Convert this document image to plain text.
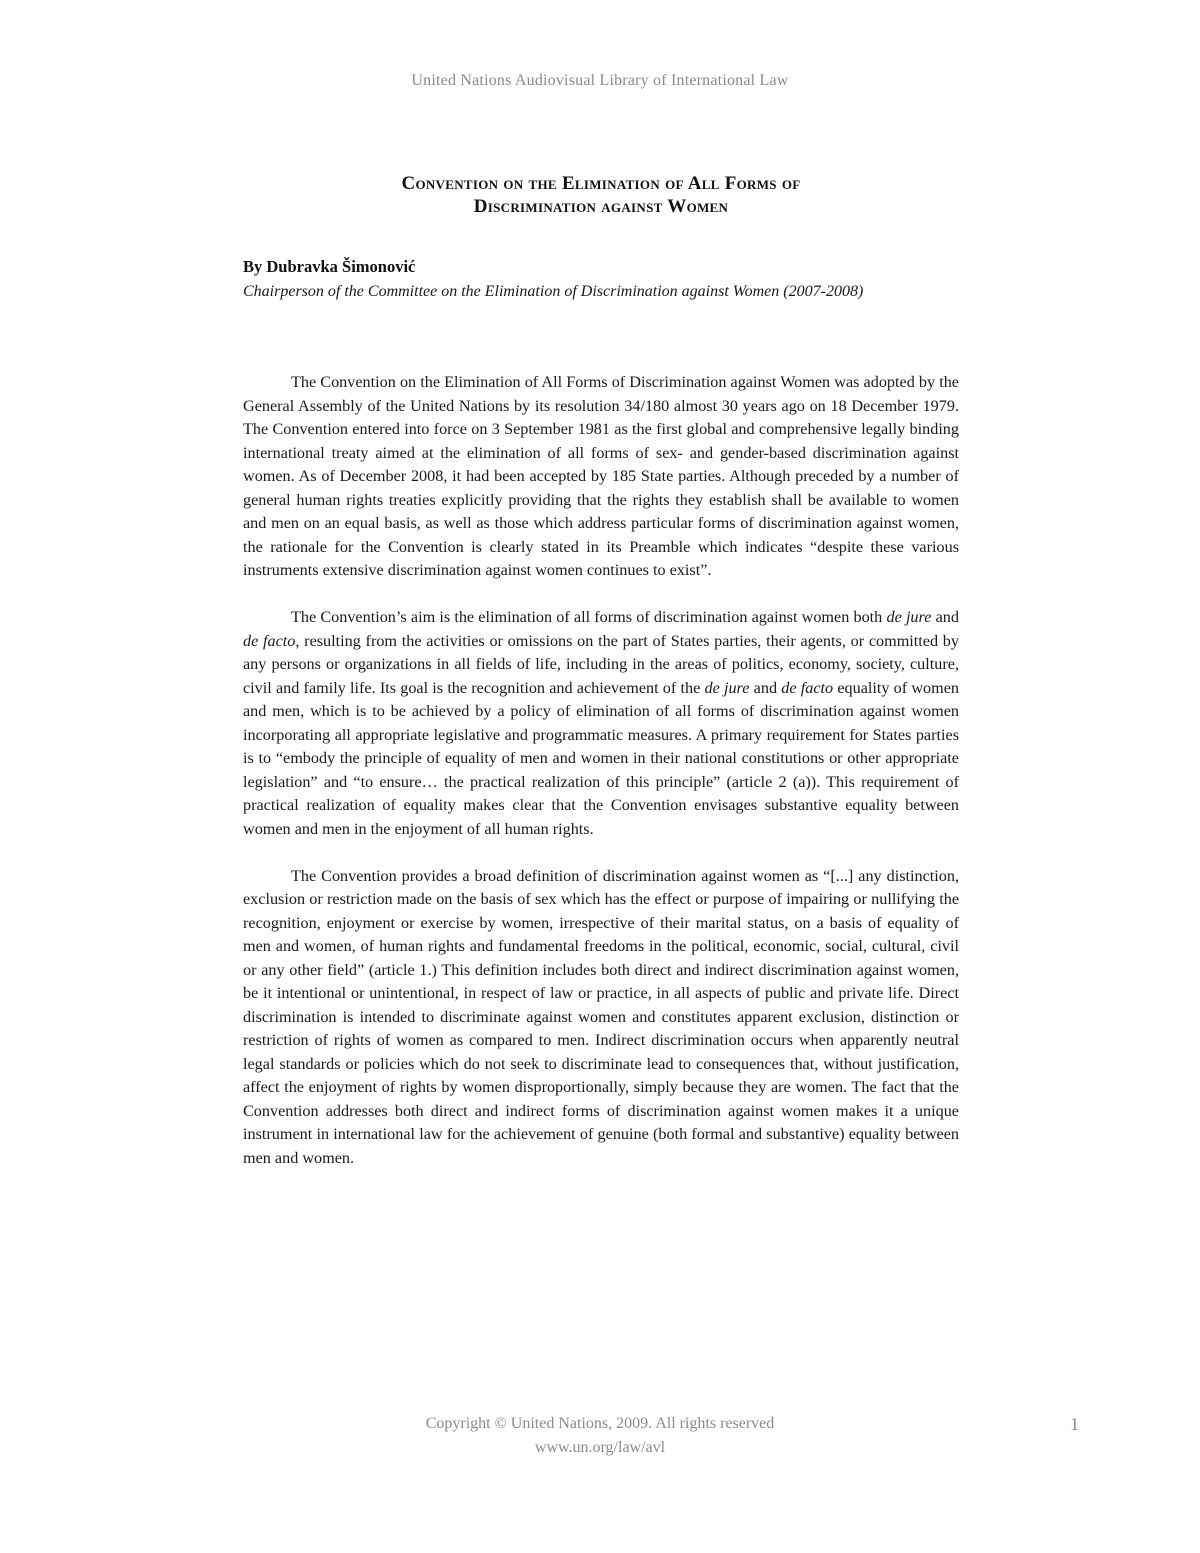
United Nations Audiovisual Library of International Law
Convention on the Elimination of All Forms of
Discrimination against Women
By Dubravka Šimonović
Chairperson of the Committee on the Elimination of Discrimination against Women (2007-2008)

The Convention on the Elimination of All Forms of Discrimination against Women was adopted by the General Assembly of the United Nations by its resolution 34/180 almost 30 years ago on 18 December 1979. The Convention entered into force on 3 September 1981 as the first global and comprehensive legally binding international treaty aimed at the elimination of all forms of sex- and gender-based discrimination against women. As of December 2008, it had been accepted by 185 State parties. Although preceded by a number of general human rights treaties explicitly providing that the rights they establish shall be available to women and men on an equal basis, as well as those which address particular forms of discrimination against women, the rationale for the Convention is clearly stated in its Preamble which indicates “despite these various instruments extensive discrimination against women continues to exist”.

The Convention’s aim is the elimination of all forms of discrimination against women both de jure and de facto, resulting from the activities or omissions on the part of States parties, their agents, or committed by any persons or organizations in all fields of life, including in the areas of politics, economy, society, culture, civil and family life. Its goal is the recognition and achievement of the de jure and de facto equality of women and men, which is to be achieved by a policy of elimination of all forms of discrimination against women incorporating all appropriate legislative and programmatic measures. A primary requirement for States parties is to “embody the principle of equality of men and women in their national constitutions or other appropriate legislation” and “to ensure… the practical realization of this principle” (article 2 (a)). This requirement of practical realization of equality makes clear that the Convention envisages substantive equality between women and men in the enjoyment of all human rights.

The Convention provides a broad definition of discrimination against women as “[...] any distinction, exclusion or restriction made on the basis of sex which has the effect or purpose of impairing or nullifying the recognition, enjoyment or exercise by women, irrespective of their marital status, on a basis of equality of men and women, of human rights and fundamental freedoms in the political, economic, social, cultural, civil or any other field” (article 1.) This definition includes both direct and indirect discrimination against women, be it intentional or unintentional, in respect of law or practice, in all aspects of public and private life. Direct discrimination is intended to discriminate against women and constitutes apparent exclusion, distinction or restriction of rights of women as compared to men. Indirect discrimination occurs when apparently neutral legal standards or policies which do not seek to discriminate lead to consequences that, without justification, affect the enjoyment of rights by women disproportionally, simply because they are women. The fact that the Convention addresses both direct and indirect forms of discrimination against women makes it a unique instrument in international law for the achievement of genuine (both formal and substantive) equality between men and women.

Copyright © United Nations, 2009. All rights reserved
www.un.org/law/avl
1
